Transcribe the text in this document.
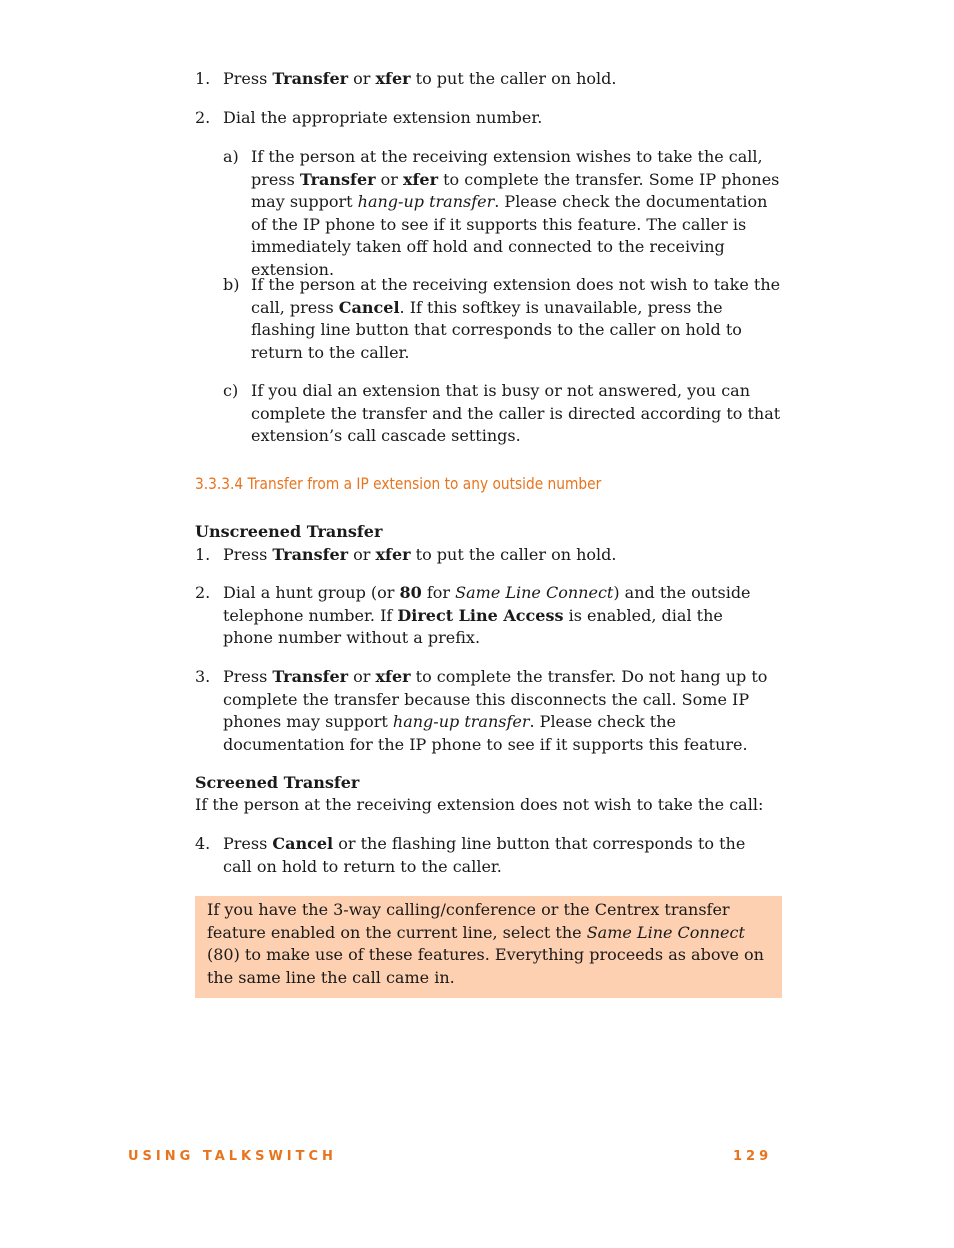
1. Press Transfer or xfer to put the caller on hold.
2. Dial the appropriate extension number.
a) If the person at the receiving extension wishes to take the call, press Transfer or xfer to complete the transfer. Some IP phones may support hang-up transfer. Please check the documentation of the IP phone to see if it supports this feature. The caller is immediately taken off hold and connected to the receiving extension.
b) If the person at the receiving extension does not wish to take the call, press Cancel. If this softkey is unavailable, press the flashing line button that corresponds to the caller on hold to return to the caller.
c) If you dial an extension that is busy or not answered, you can complete the transfer and the caller is directed according to that extension’s call cascade settings.
3.3.3.4 Transfer from a IP extension to any outside number
Unscreened Transfer
1. Press Transfer or xfer to put the caller on hold.
2. Dial a hunt group (or 80 for Same Line Connect) and the outside telephone number. If Direct Line Access is enabled, dial the phone number without a prefix.
3. Press Transfer or xfer to complete the transfer. Do not hang up to complete the transfer because this disconnects the call. Some IP phones may support hang-up transfer. Please check the documentation for the IP phone to see if it supports this feature.
Screened Transfer
If the person at the receiving extension does not wish to take the call:
4. Press Cancel or the flashing line button that corresponds to the call on hold to return to the caller.
If you have the 3-way calling/conference or the Centrex transfer feature enabled on the current line, select the Same Line Connect (80) to make use of these features. Everything proceeds as above on the same line the call came in.
USING TALKSWITCH	129
